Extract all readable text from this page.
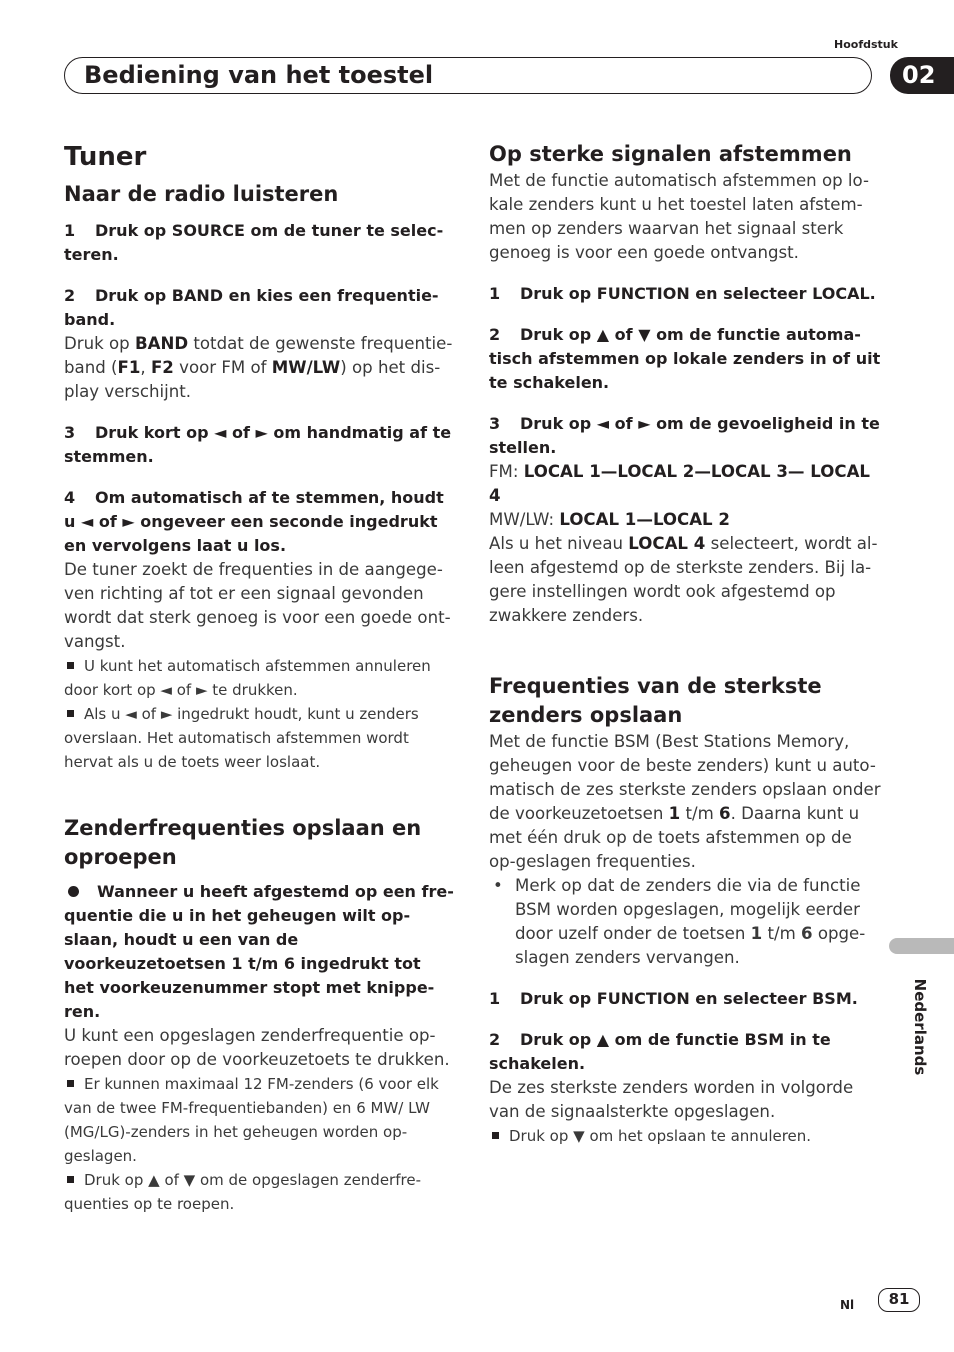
Hoofdstuk
Bediening van het toestel	02
Nederlands
Nl	81
Tuner
Naar de radio luisteren

1 Druk op SOURCE om de tuner te selec-teren.

2 Druk op BAND en kies een frequentie-band.

Druk op BAND totdat de gewenste frequentie-band (F1, F2 voor FM of MW/LW) op het dis-play verschijnt.

3 Druk kort op ◄ of ► om handmatig af te stemmen.

4 Om automatisch af te stemmen, houdt u ◄ of ► ongeveer een seconde ingedrukt en vervolgens laat u los.

De tuner zoekt de frequenties in de aangege-ven richting af tot er een signaal gevonden wordt dat sterk genoeg is voor een goede ont-vangst.

U kunt het automatisch afstemmen annuleren door kort op ◄ of ► te drukken.

Als u ◄ of ► ingedrukt houdt, kunt u zenders overslaan. Het automatisch afstemmen wordt hervat als u de toets weer loslaat.

Zenderfrequenties opslaan en oproepen

Wanneer u heeft afgestemd op een fre-quentie die u in het geheugen wilt op-slaan, houdt u een van de voorkeuzetoetsen 1 t/m 6 ingedrukt tot het voorkeuzenummer stopt met knippe-ren.

U kunt een opgeslagen zenderfrequentie op-roepen door op de voorkeuzetoets te drukken.

Er kunnen maximaal 12 FM-zenders (6 voor elk van de twee FM-frequentiebanden) en 6 MW/ LW (MG/LG)-zenders in het geheugen worden op-geslagen.

Druk op ▲ of ▼ om de opgeslagen zenderfre-quenties op te roepen.

Op sterke signalen afstemmen

Met de functie automatisch afstemmen op lo-kale zenders kunt u het toestel laten afstem-men op zenders waarvan het signaal sterk genoeg is voor een goede ontvangst.

1 Druk op FUNCTION en selecteer LOCAL.

2 Druk op ▲ of ▼ om de functie automa-tisch afstemmen op lokale zenders in of uit te schakelen.

3 Druk op ◄ of ► om de gevoeligheid in te stellen.

FM: LOCAL 1—LOCAL 2—LOCAL 3— LOCAL 4

MW/LW: LOCAL 1—LOCAL 2

Als u het niveau LOCAL 4 selecteert, wordt al-leen afgestemd op de sterkste zenders. Bij la-gere instellingen wordt ook afgestemd op zwakkere zenders.

Frequenties van de sterkste zenders opslaan

Met de functie BSM (Best Stations Memory, geheugen voor de beste zenders) kunt u auto-matisch de zes sterkste zenders opslaan onder de voorkeuzetoetsen 1 t/m 6. Daarna kunt u met één druk op de toets afstemmen op de op-geslagen frequenties.

• Merk op dat de zenders die via de functie BSM worden opgeslagen, mogelijk eerder door uzelf onder de toetsen 1 t/m 6 opge-slagen zenders vervangen.

1 Druk op FUNCTION en selecteer BSM.

2 Druk op ▲ om de functie BSM in te schakelen.

De zes sterkste zenders worden in volgorde van de signaalsterkte opgeslagen.

Druk op ▼ om het opslaan te annuleren.
